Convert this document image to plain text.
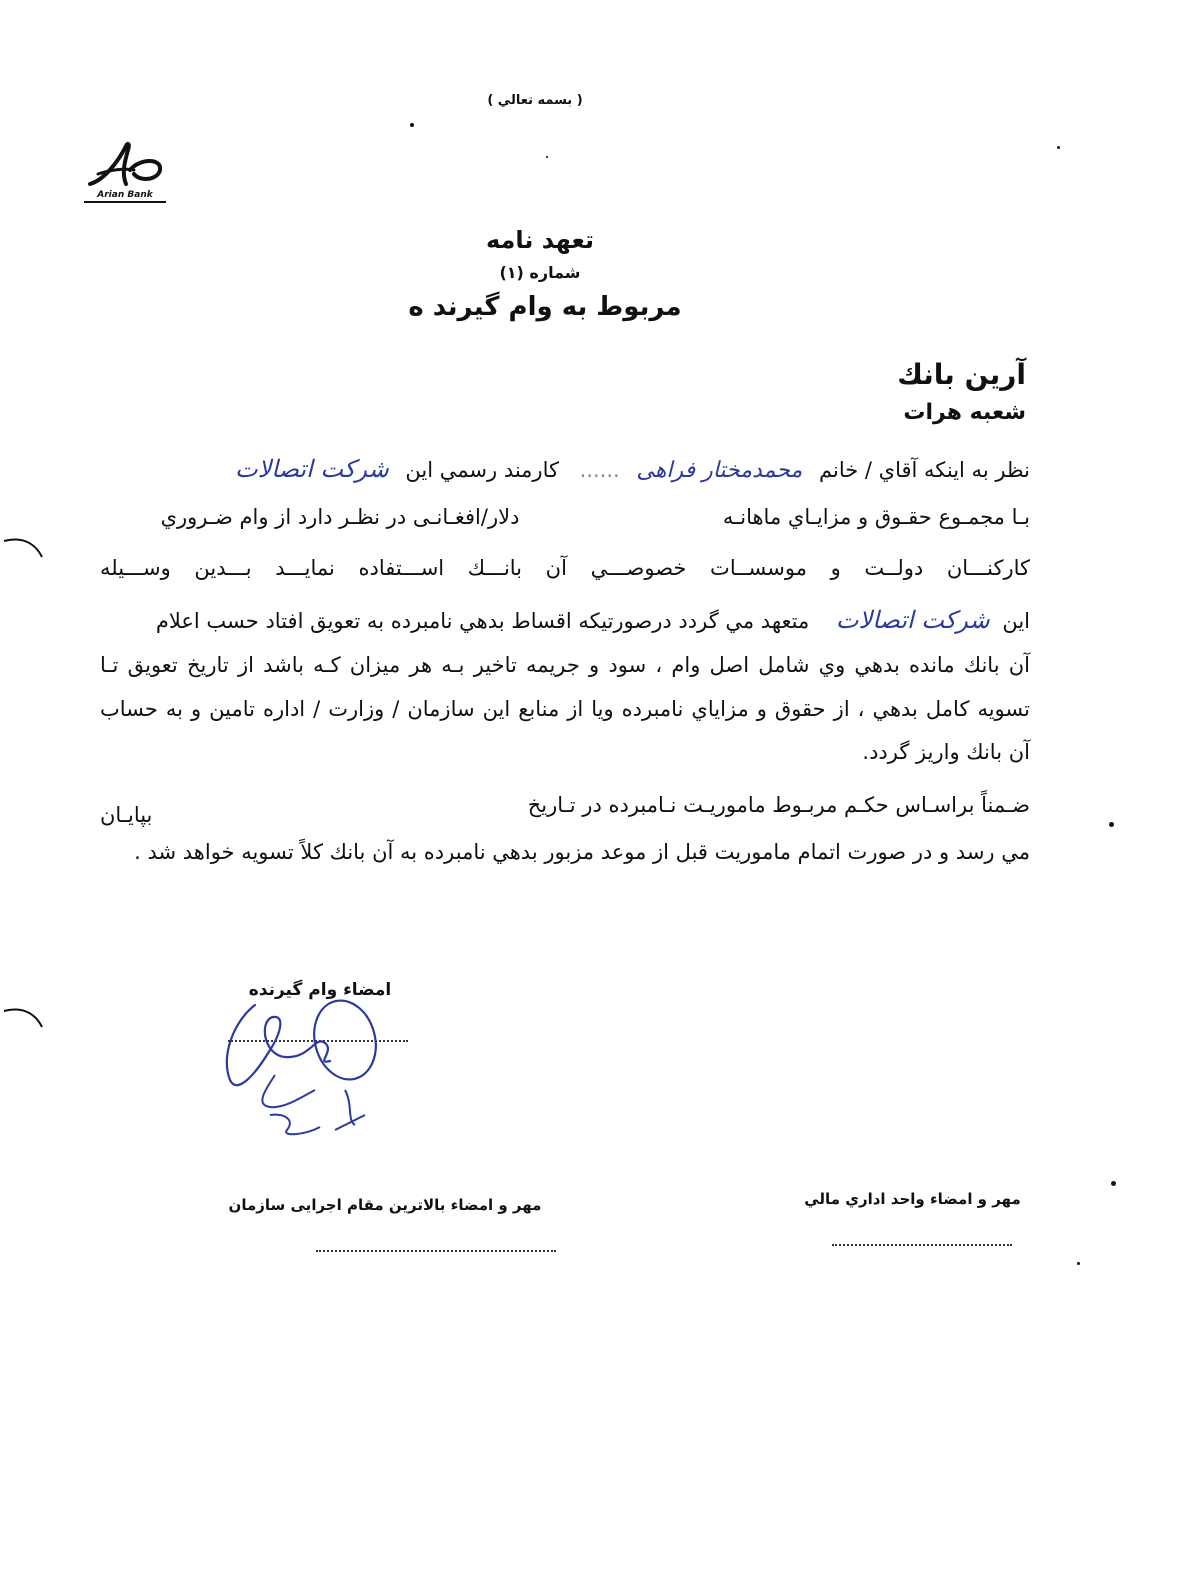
( بسمه تعالي )
Arian Bank
تعهد نامه
شماره (۱)
مربوط به وام گيرند ه
آرين بانك
شعبه هرات
نظر به اينكه آقاي / خانم محمدمختار فراهی ...... كارمند رسمي اين شرکت اتصالات
بـا مجمـوع حقـوق و مزايـاي ماهانـه  دلار/افغـانـی در نظـر دارد از وام ضـروري
كاركنـــان دولــت و موسســات خصوصـــي آن بانـــك اســـتفاده نمايـــد بـــدين وســـيله
اين شرکت اتصالات متعهد مي گردد درصورتيكه اقساط بدهي نامبرده به تعويق افتاد حسب اعلام
آن بانك مانده بدهي وي شامل اصل وام ، سود و جريمه تاخير بـه هر ميزان كـه باشد از تاريخ تعويق تـا
تسويه كامل بدهي ، از حقوق و مزاياي نامبرده ويا از منابع اين سازمان / وزارت / اداره تامين و به حساب
آن بانك واريز گردد.
ضـمناً براسـاس حكـم مربـوط ماموريـت نـامبرده در تـاريخ
بپايـان
مي رسد و در صورت اتمام ماموريت قبل از موعد مزبور بدهي نامبرده به آن بانك كلاً تسويه خواهد شد .
امضاء وام گيرنده
مهر و امضاء بالاترين مقام اجرايی سازمان	مهر و امضاء واحد اداري مالي
